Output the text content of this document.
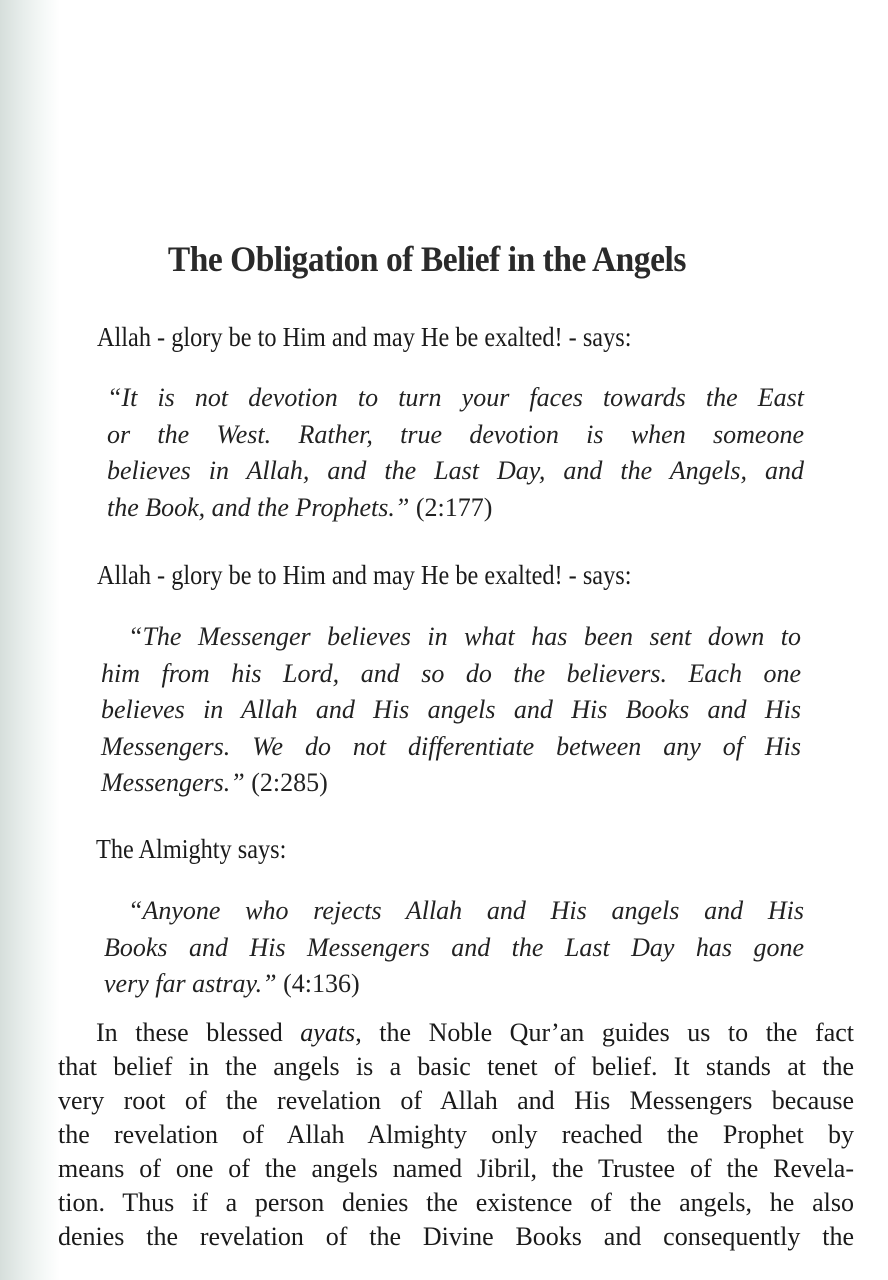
The Obligation of Belief in the Angels
Allah - glory be to Him and may He be exalted! - says:
“It is not devotion to turn your faces towards the East
or the West. Rather, true devotion is when someone
believes in Allah, and the Last Day, and the Angels, and
the Book, and the Prophets.” (2:177)
Allah - glory be to Him and may He be exalted! - says:
“The Messenger believes in what has been sent down to
him from his Lord, and so do the believers. Each one
believes in Allah and His angels and His Books and His
Messengers. We do not differentiate between any of His
Messengers.” (2:285)
The Almighty says:
“Anyone who rejects Allah and His angels and His
Books and His Messengers and the Last Day has gone
very far astray.” (4:136)
In these blessed ayats, the Noble Qur’an guides us to the fact
that belief in the angels is a basic tenet of belief. It stands at the
very root of the revelation of Allah and His Messengers because
the revelation of Allah Almighty only reached the Prophet by
means of one of the angels named Jibril, the Trustee of the Revela-
tion. Thus if a person denies the existence of the angels, he also
denies the revelation of the Divine Books and consequently the
